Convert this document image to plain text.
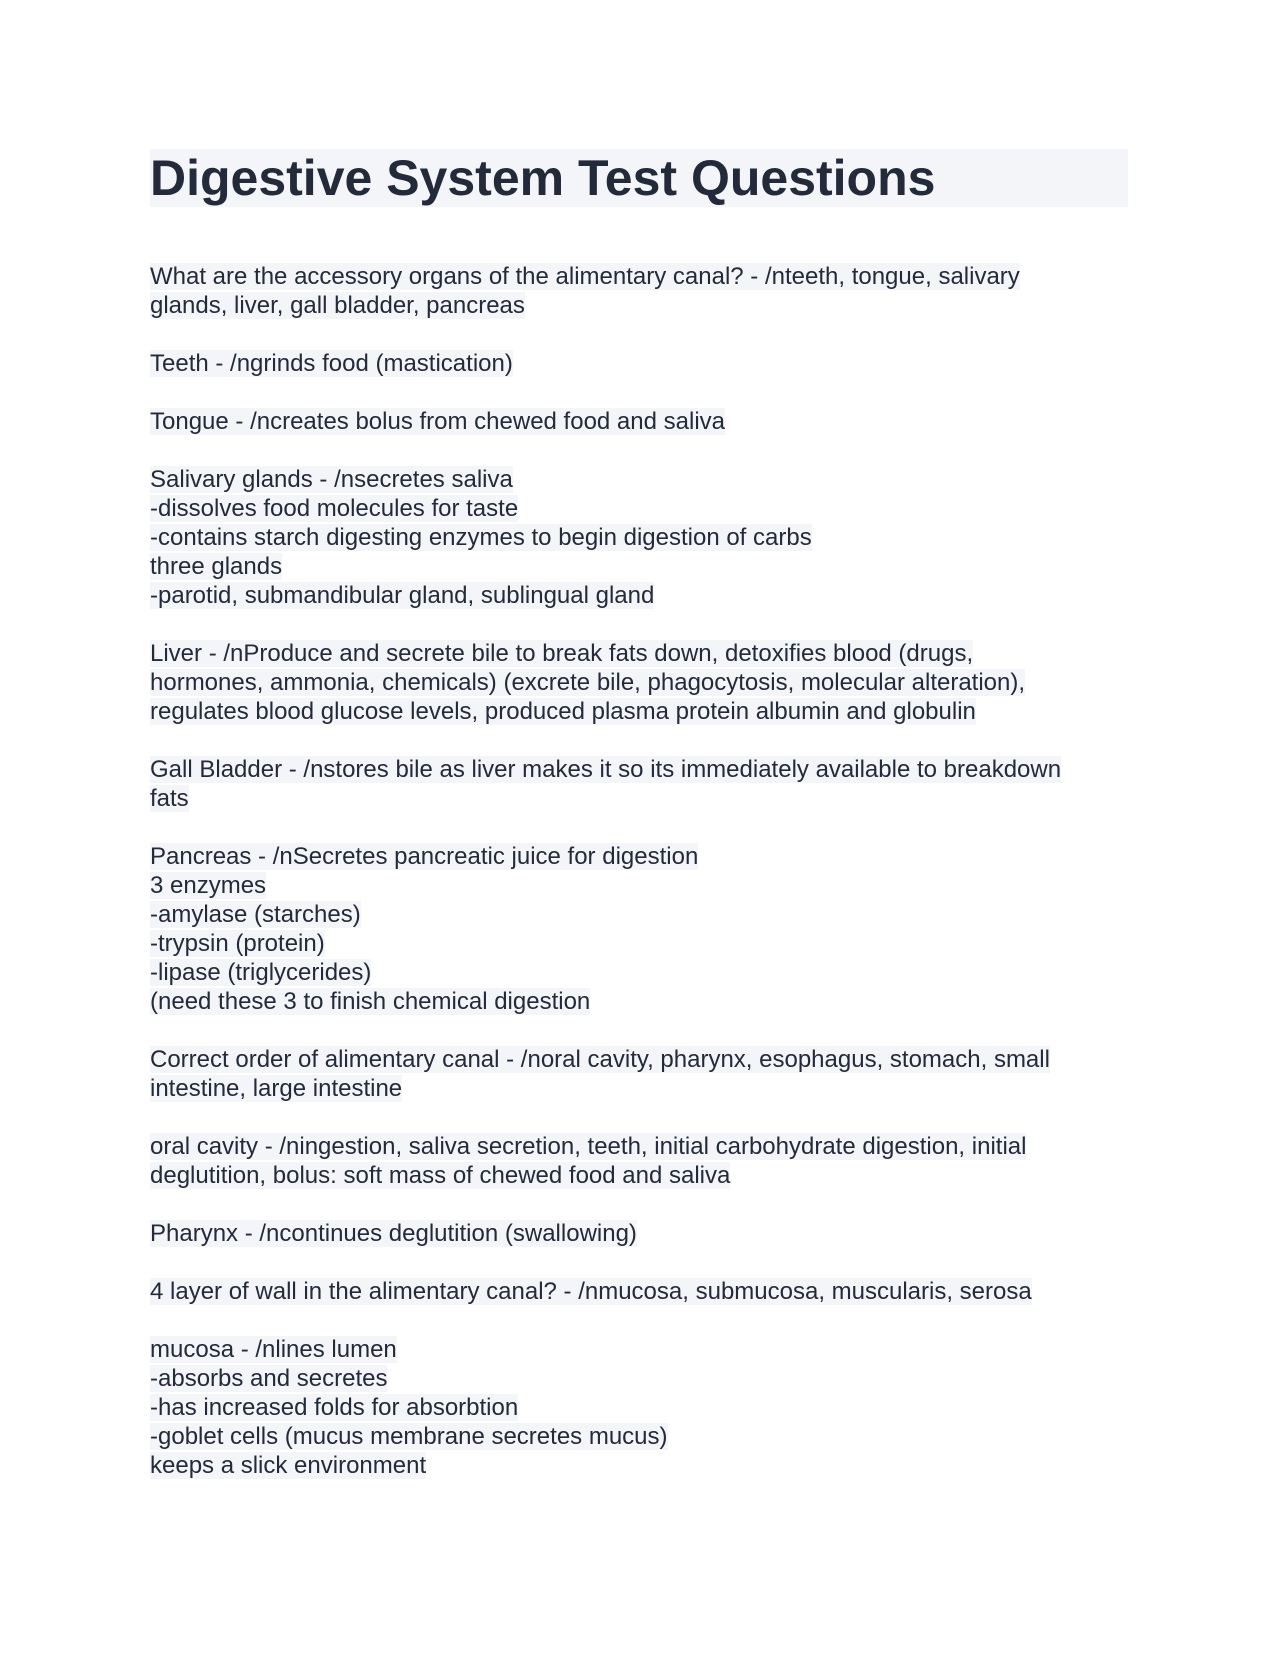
Digestive System Test Questions
What are the accessory organs of the alimentary canal? - /nteeth, tongue, salivary
glands, liver, gall bladder, pancreas
Teeth - /ngrinds food (mastication)
Tongue - /ncreates bolus from chewed food and saliva
Salivary glands - /nsecretes saliva
-dissolves food molecules for taste
-contains starch digesting enzymes to begin digestion of carbs
three glands
-parotid, submandibular gland, sublingual gland
Liver - /nProduce and secrete bile to break fats down, detoxifies blood (drugs,
hormones, ammonia, chemicals) (excrete bile, phagocytosis, molecular alteration),
regulates blood glucose levels, produced plasma protein albumin and globulin
Gall Bladder - /nstores bile as liver makes it so its immediately available to breakdown
fats
Pancreas - /nSecretes pancreatic juice for digestion
3 enzymes
-amylase (starches)
-trypsin (protein)
-lipase (triglycerides)
(need these 3 to finish chemical digestion
Correct order of alimentary canal - /noral cavity, pharynx, esophagus, stomach, small
intestine, large intestine
oral cavity - /ningestion, saliva secretion, teeth, initial carbohydrate digestion, initial
deglutition, bolus: soft mass of chewed food and saliva
Pharynx - /ncontinues deglutition (swallowing)
4 layer of wall in the alimentary canal? - /nmucosa, submucosa, muscularis, serosa
mucosa - /nlines lumen
-absorbs and secretes
-has increased folds for absorbtion
-goblet cells (mucus membrane secretes mucus)
keeps a slick environment
